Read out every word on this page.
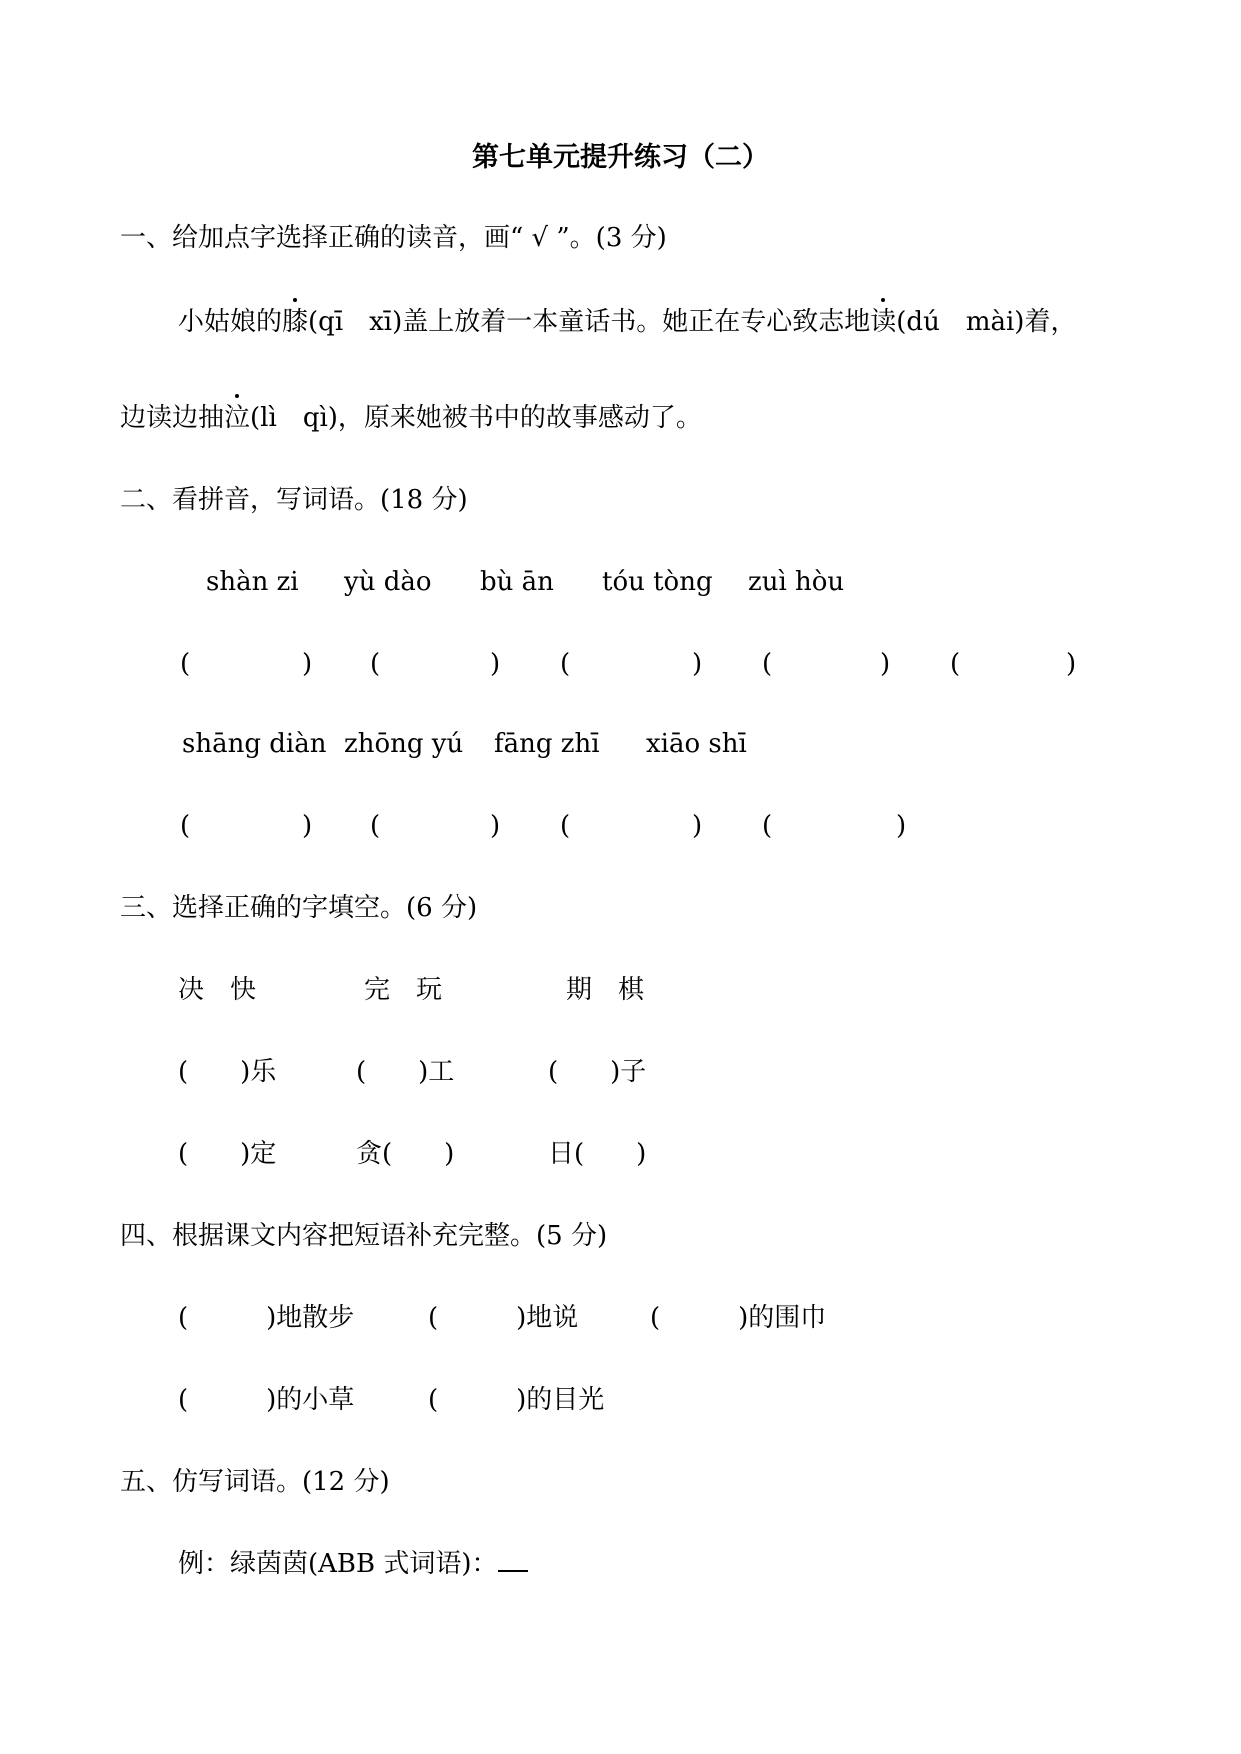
第七单元提升练习（二）
一、给加点字选择正确的读音，画“ √ ”。(3 分)
小姑娘的膝(qī xī)盖上放着一本童话书。她正在专心致志地读(dú mài)着，
边读边抽泣(lì qì)，原来她被书中的故事感动了。
二、看拼音，写词语。(18 分)
shàn zi yù dào bù ān tóu tòng zuì hòu
(	) (	) (	) (	) (	)
shāng diàn zhōng yú fāng zhī xiāo shī
(	) (	) (	) (	)
三、选择正确的字填空。(6 分)
决　快	完　玩	期　棋
(　　)乐	(　　)工	(　　)子
(　　)定	贪(　　)	日(　　)
四、根据课文内容把短语补充完整。(5 分)
(　　　)地散步	(　　　)地说	(　　　)的围巾
(　　　)的小草	(　　　)的目光
五、仿写词语。(12 分)
例：绿茵茵(ABB 式词语)：
